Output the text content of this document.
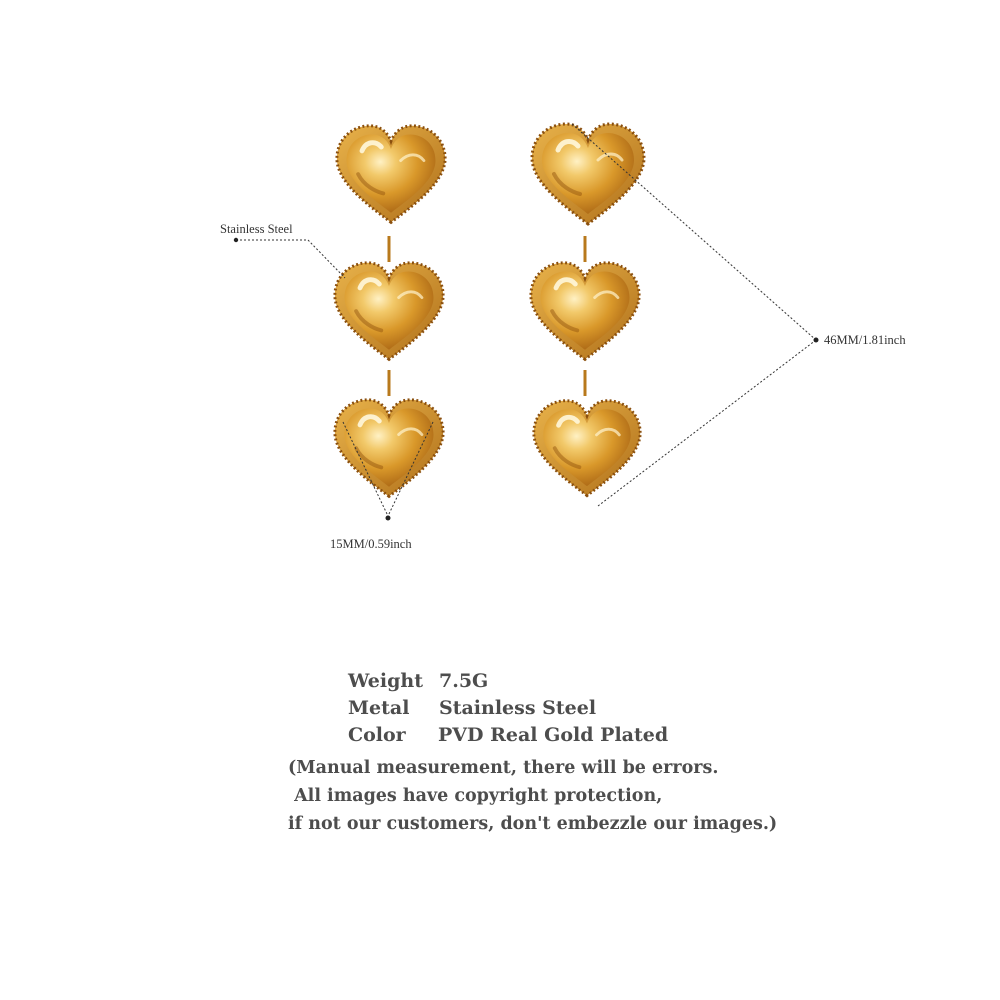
Stainless Steel
46MM/1.81inch
15MM/0.59inch
Weight 7.5G
Metal Stainless Steel
Color PVD Real Gold Plated
(Manual measurement, there will be errors.
All images have copyright protection,
if not our customers, don't embezzle our images.)
